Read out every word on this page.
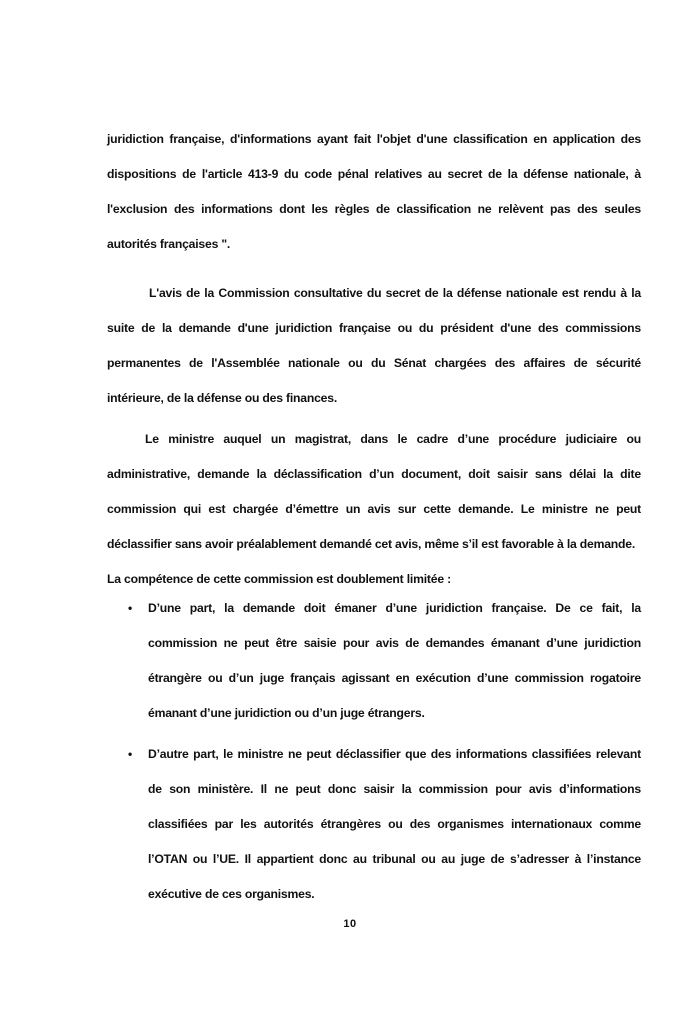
juridiction française, d'informations ayant fait l'objet d'une classification en application des dispositions de l'article 413-9 du code pénal relatives au secret de la défense nationale, à l'exclusion des informations dont les règles de classification ne relèvent pas des seules autorités françaises ".

L'avis de la Commission consultative du secret de la défense nationale est rendu à la suite de la demande d'une juridiction française ou du président d'une des commissions permanentes de l'Assemblée nationale ou du Sénat chargées des affaires de sécurité intérieure, de la défense ou des finances.

Le ministre auquel un magistrat, dans le cadre d’une procédure judiciaire ou administrative, demande la déclassification d’un document, doit saisir sans délai la dite commission qui est chargée d’émettre un avis sur cette demande. Le ministre ne peut déclassifier sans avoir préalablement demandé cet avis, même s’il est favorable à la demande.

La compétence de cette commission est doublement limitée :
• D’une part, la demande doit émaner d’une juridiction française. De ce fait, la commission ne peut être saisie pour avis de demandes émanant d’une juridiction étrangère ou d’un juge français agissant en exécution d’une commission rogatoire émanant d’une juridiction ou d’un juge étrangers.
• D’autre part, le ministre ne peut déclassifier que des informations classifiées relevant de son ministère. Il ne peut donc saisir la commission pour avis d’informations classifiées par les autorités étrangères ou des organismes internationaux comme l’OTAN ou l’UE. Il appartient donc au tribunal ou au juge de s’adresser à l’instance exécutive de ces organismes.
10
